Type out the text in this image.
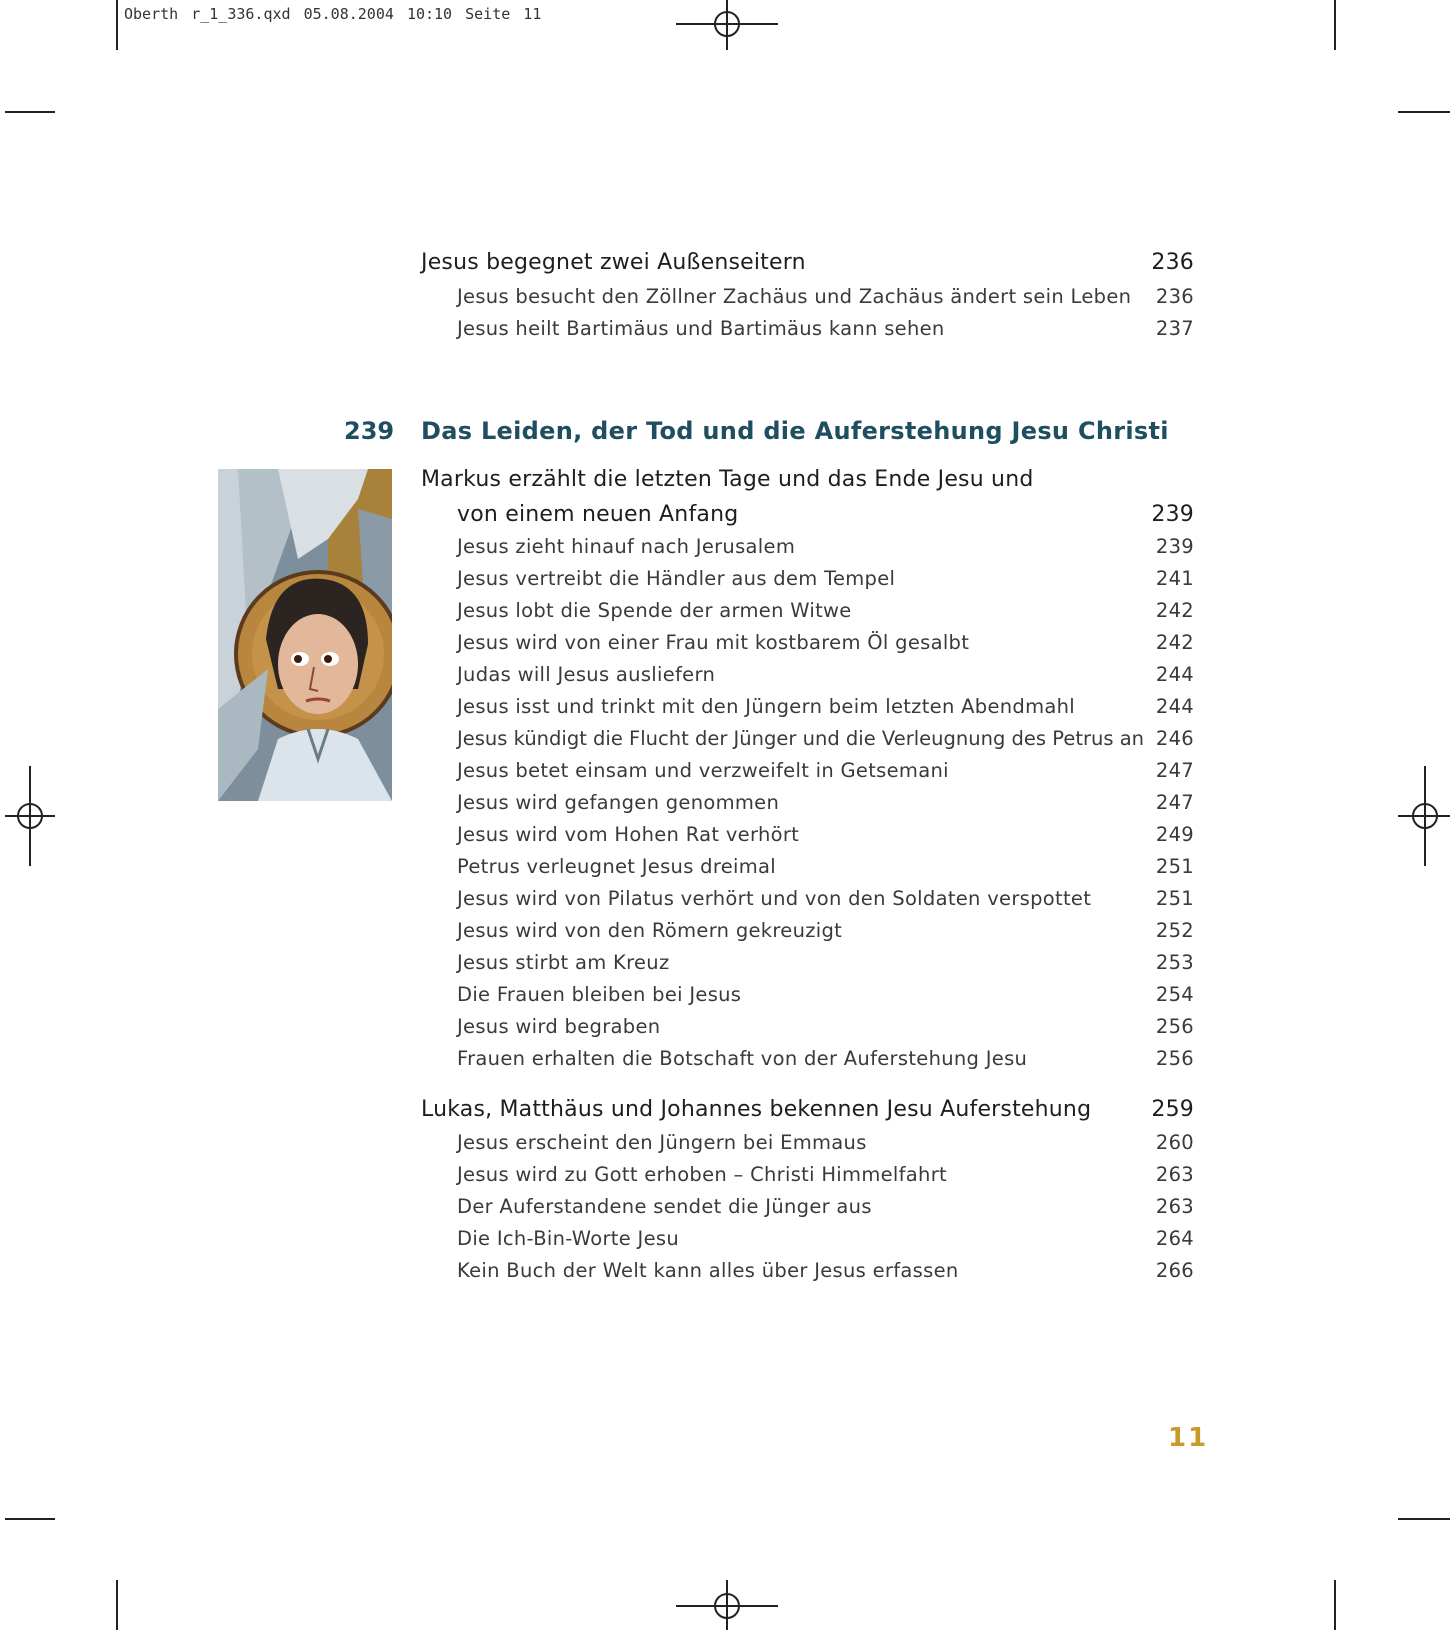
Oberth r_1_336.qxd 05.08.2004 10:10 Seite 11
239
Jesus begegnet zwei Außenseitern	236
Jesus besucht den Zöllner Zachäus und Zachäus ändert sein Leben 236
Jesus heilt Bartimäus und Bartimäus kann sehen	237
Das Leiden, der Tod und die Auferstehung Jesu Christi
Markus erzählt die letzten Tage und das Ende Jesu und
von einem neuen Anfang	239
Jesus zieht hinauf nach Jerusalem	239
Jesus vertreibt die Händler aus dem Tempel	241
Jesus lobt die Spende der armen Witwe	242
Jesus wird von einer Frau mit kostbarem Öl gesalbt	242
Judas will Jesus ausliefern	244
Jesus isst und trinkt mit den Jüngern beim letzten Abendmahl	244
Jesus kündigt die Flucht der Jünger und die Verleugnung des Petrus an 246
Jesus betet einsam und verzweifelt in Getsemani	247
Jesus wird gefangen genommen	247
Jesus wird vom Hohen Rat verhört	249
Petrus verleugnet Jesus dreimal	251
Jesus wird von Pilatus verhört und von den Soldaten verspottet	251
Jesus wird von den Römern gekreuzigt	252
Jesus stirbt am Kreuz	253
Die Frauen bleiben bei Jesus	254
Jesus wird begraben	256
Frauen erhalten die Botschaft von der Auferstehung Jesu	256
Lukas, Matthäus und Johannes bekennen Jesu Auferstehung	259
Jesus erscheint den Jüngern bei Emmaus	260
Jesus wird zu Gott erhoben – Christi Himmelfahrt	263
Der Auferstandene sendet die Jünger aus	263
Die Ich-Bin-Worte Jesu	264
Kein Buch der Welt kann alles über Jesus erfassen	266
11
